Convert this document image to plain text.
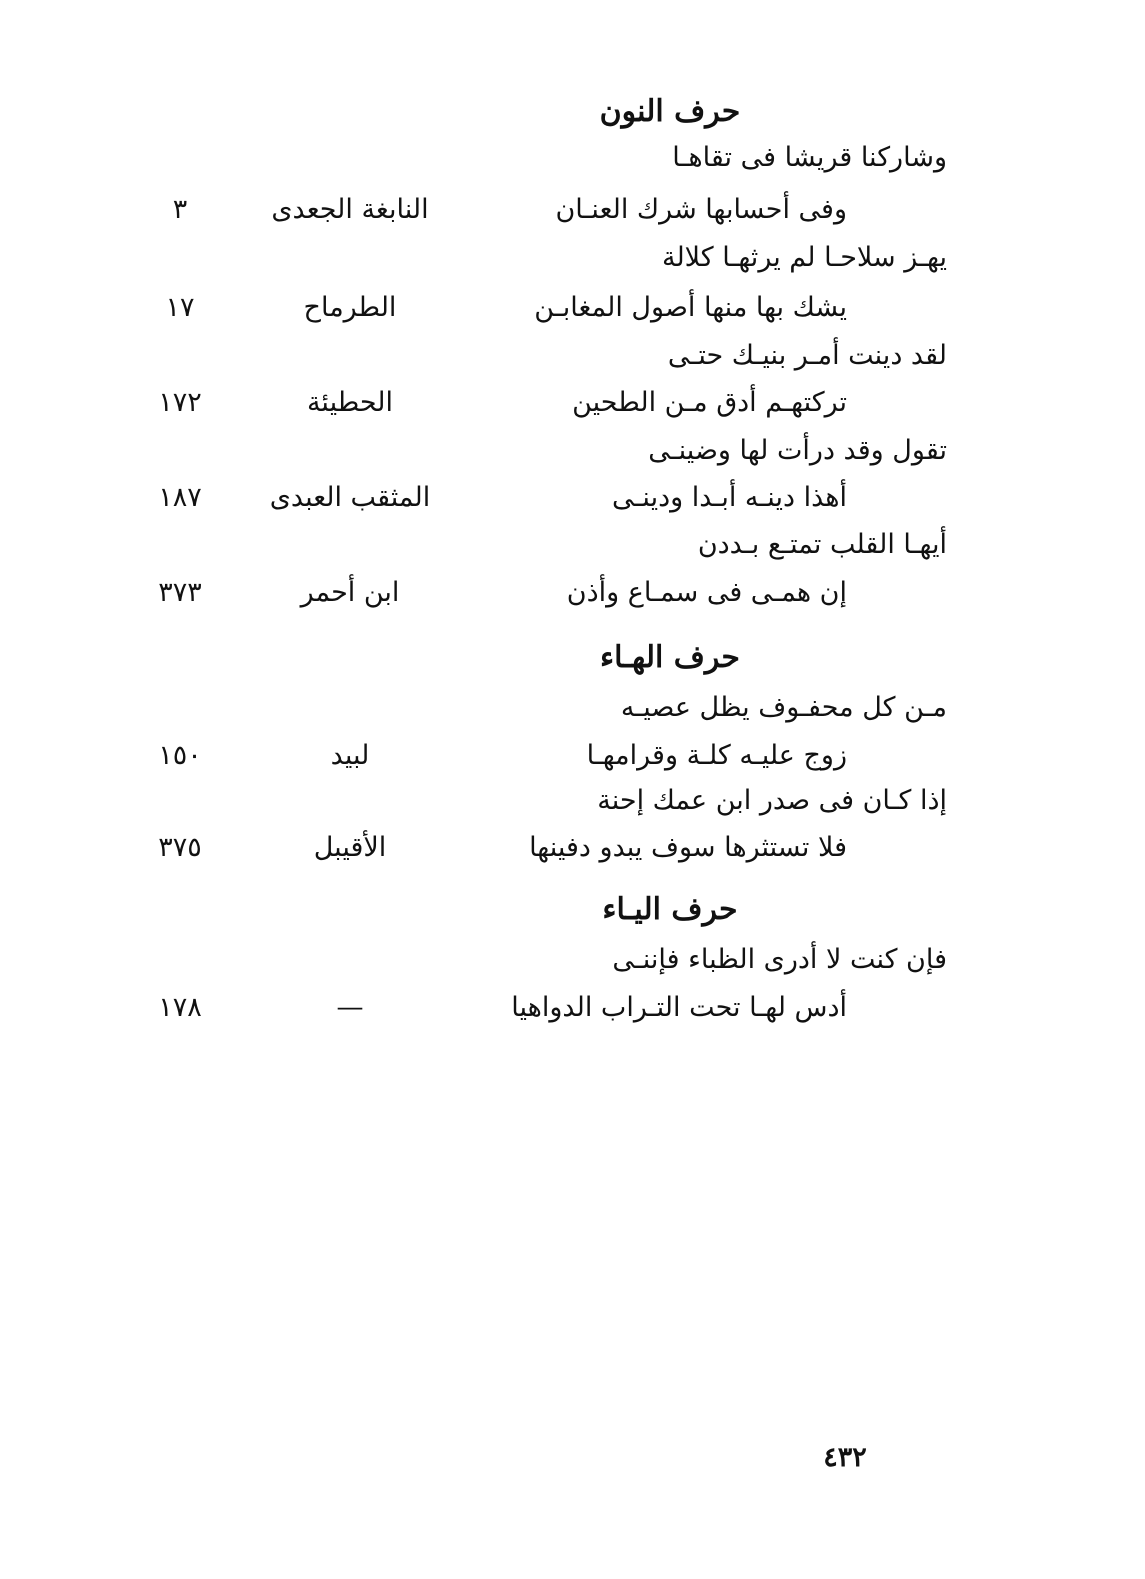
حرف النون
وشاركنا قريشا فى تقاهـا
وفى أحسابها شرك العنـان
النابغة الجعدى
٣
يهـز سلاحـا لم يرثهـا كلالة
يشك بها منها أصول المغابـن
الطرماح
١٧
لقد دينت أمـر بنيـك حتـى
تركتهـم أدق مـن الطحين
الحطيئة
١٧٢
تقول وقد درأت لها وضينـى
أهذا دينـه أبـدا ودينـى
المثقب العبدى
١٨٧
أيهـا القلب تمتـع بـددن
إن همـى فى سمـاع وأذن
ابن أحمر
٣٧٣
حرف الهـاء
مـن كل محفـوف يظل عصيـه
زوج عليـه كلـة وقرامهـا
لبيد
١٥٠
إذا كـان فى صدر ابن عمك إحنة
فلا تستثرها سوف يبدو دفينها
الأقيبل
٣٧٥
حرف اليـاء
فإن كنت لا أدرى الظباء فإننـى
أدس لهـا تحت التـراب الدواهيا
—
١٧٨
٤٣٢
